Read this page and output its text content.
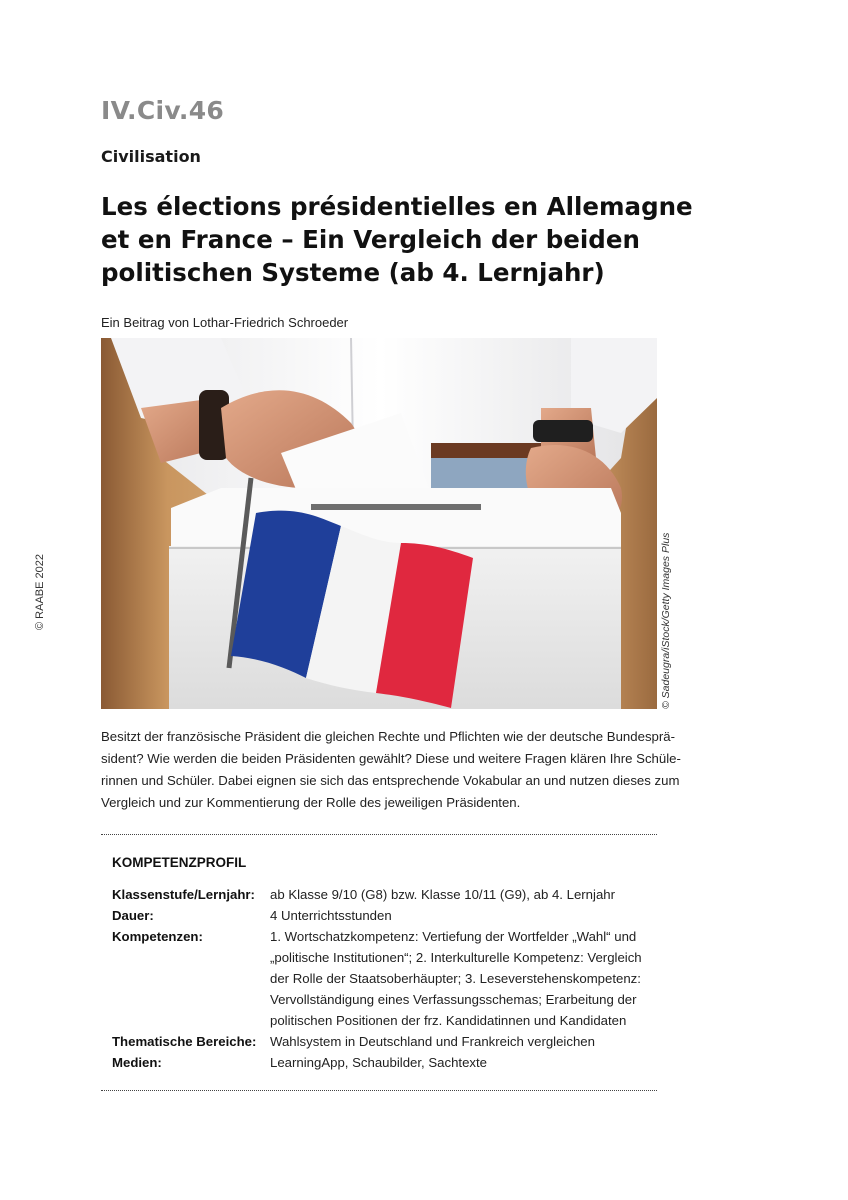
IV.Civ.46
Civilisation
Les élections présidentielles en Allemagne
et en France – Ein Vergleich der beiden
politischen Systeme (ab 4. Lernjahr)
Ein Beitrag von Lothar-Friedrich Schroeder
© Sadeugra/iStock/Getty Images Plus
© RAABE 2022
Besitzt der französische Präsident die gleichen Rechte und Pflichten wie der deutsche Bundesprä-
sident? Wie werden die beiden Präsidenten gewählt? Diese und weitere Fragen klären Ihre Schüle-
rinnen und Schüler. Dabei eignen sie sich das entsprechende Vokabular an und nutzen dieses zum
Vergleich und zur Kommentierung der Rolle des jeweiligen Präsidenten.
KOMPETENZPROFIL
Klassenstufe/Lernjahr:	ab Klasse 9/10 (G8) bzw. Klasse 10/11 (G9), ab 4. Lernjahr
Dauer:	4 Unterrichtsstunden
Kompetenzen:	1. Wortschatzkompetenz: Vertiefung der Wortfelder „Wahl“ und
„politische Institutionen“; 2. Interkulturelle Kompetenz: Vergleich
der Rolle der Staatsoberhäupter; 3. Leseverstehenskompetenz:
Vervollständigung eines Verfassungsschemas; Erarbeitung der
politischen Positionen der frz. Kandidatinnen und Kandidaten
Thematische Bereiche:	Wahlsystem in Deutschland und Frankreich vergleichen
Medien:	LearningApp, Schaubilder, Sachtexte
